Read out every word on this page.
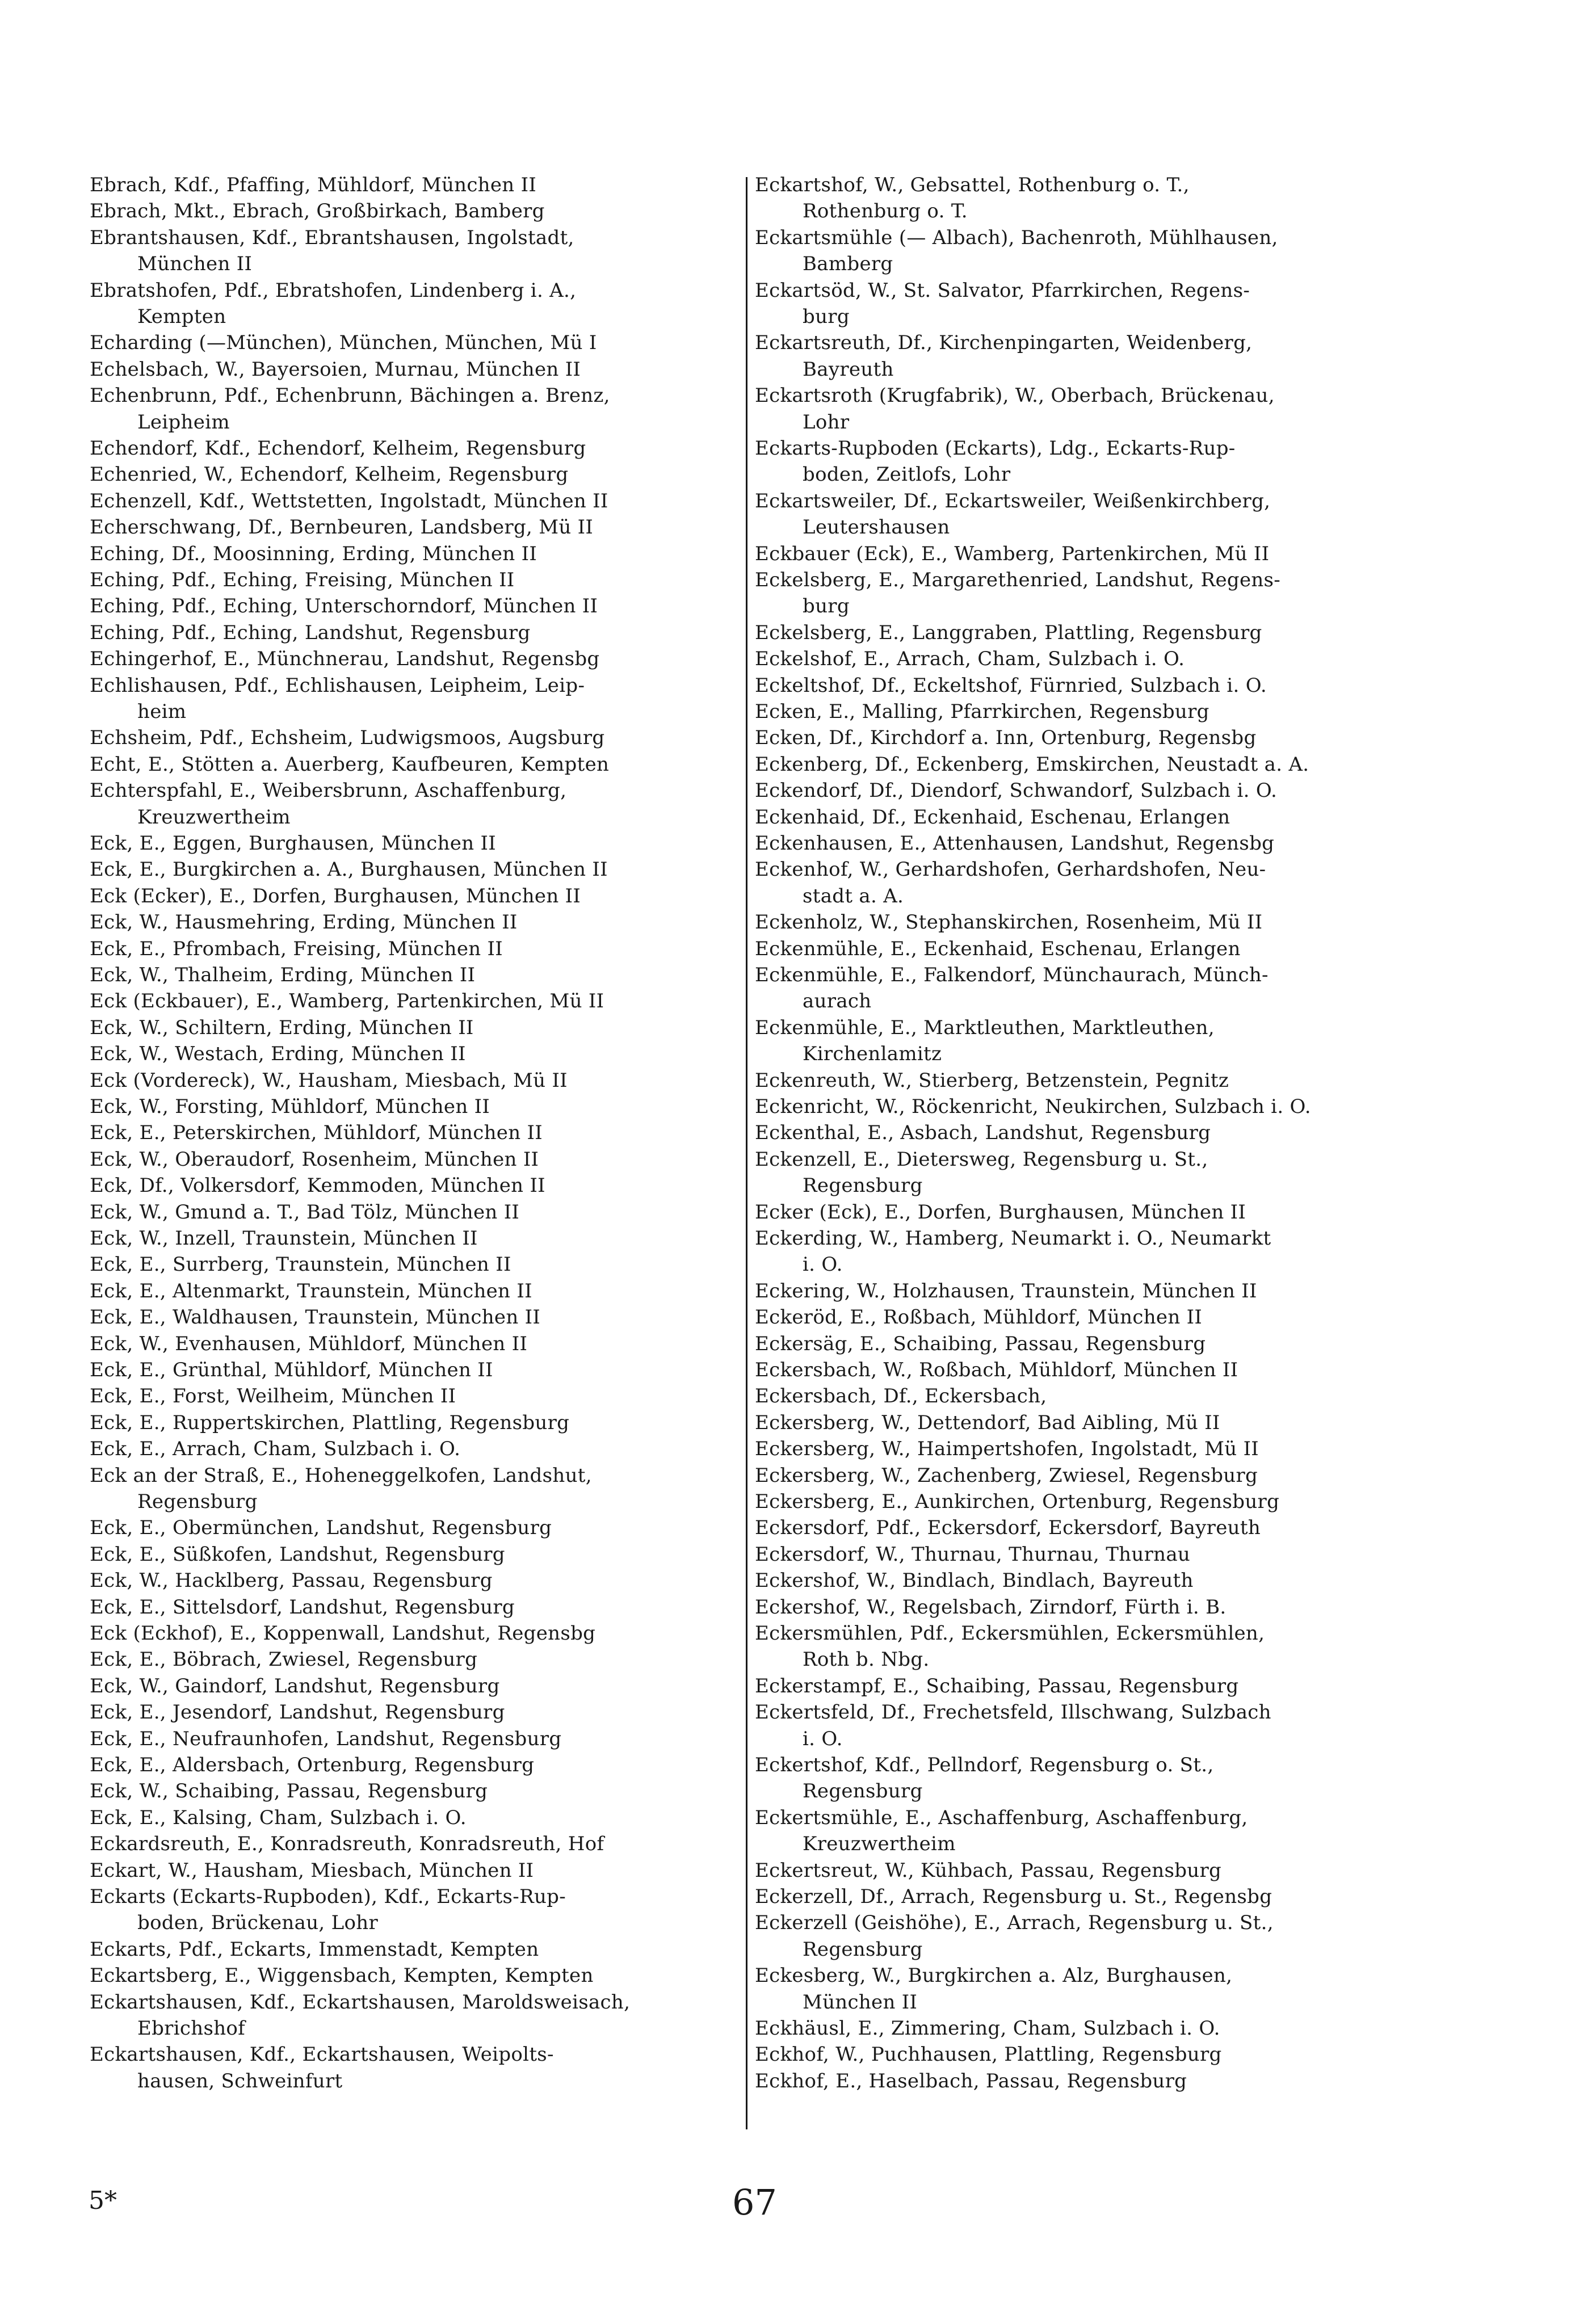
Ebrach, Kdf., Pfaffing, Mühldorf, München II
Ebrach, Mkt., Ebrach, Großbirkach, Bamberg
Ebrantshausen, Kdf., Ebrantshausen, Ingolstadt,
München II
Ebratshofen, Pdf., Ebratshofen, Lindenberg i. A.,
Kempten
Echarding (—München), München, München, Mü I
Echelsbach, W., Bayersoien, Murnau, München II
Echenbrunn, Pdf., Echenbrunn, Bächingen a. Brenz,
Leipheim
Echendorf, Kdf., Echendorf, Kelheim, Regensburg
Echenried, W., Echendorf, Kelheim, Regensburg
Echenzell, Kdf., Wettstetten, Ingolstadt, München II
Echerschwang, Df., Bernbeuren, Landsberg, Mü II
Eching, Df., Moosinning, Erding, München II
Eching, Pdf., Eching, Freising, München II
Eching, Pdf., Eching, Unterschorndorf, München II
Eching, Pdf., Eching, Landshut, Regensburg
Echingerhof, E., Münchnerau, Landshut, Regensbg
Echlishausen, Pdf., Echlishausen, Leipheim, Leip-
heim
Echsheim, Pdf., Echsheim, Ludwigsmoos, Augsburg
Echt, E., Stötten a. Auerberg, Kaufbeuren, Kempten
Echterspfahl, E., Weibersbrunn, Aschaffenburg,
Kreuzwertheim
Eck, E., Eggen, Burghausen, München II
Eck, E., Burgkirchen a. A., Burghausen, München II
Eck (Ecker), E., Dorfen, Burghausen, München II
Eck, W., Hausmehring, Erding, München II
Eck, E., Pfrombach, Freising, München II
Eck, W., Thalheim, Erding, München II
Eck (Eckbauer), E., Wamberg, Partenkirchen, Mü II
Eck, W., Schiltern, Erding, München II
Eck, W., Westach, Erding, München II
Eck (Vordereck), W., Hausham, Miesbach, Mü II
Eck, W., Forsting, Mühldorf, München II
Eck, E., Peterskirchen, Mühldorf, München II
Eck, W., Oberaudorf, Rosenheim, München II
Eck, Df., Volkersdorf, Kemmoden, München II
Eck, W., Gmund a. T., Bad Tölz, München II
Eck, W., Inzell, Traunstein, München II
Eck, E., Surrberg, Traunstein, München II
Eck, E., Altenmarkt, Traunstein, München II
Eck, E., Waldhausen, Traunstein, München II
Eck, W., Evenhausen, Mühldorf, München II
Eck, E., Grünthal, Mühldorf, München II
Eck, E., Forst, Weilheim, München II
Eck, E., Ruppertskirchen, Plattling, Regensburg
Eck, E., Arrach, Cham, Sulzbach i. O.
Eck an der Straß, E., Hoheneggelkofen, Landshut,
Regensburg
Eck, E., Obermünchen, Landshut, Regensburg
Eck, E., Süßkofen, Landshut, Regensburg
Eck, W., Hacklberg, Passau, Regensburg
Eck, E., Sittelsdorf, Landshut, Regensburg
Eck (Eckhof), E., Koppenwall, Landshut, Regensbg
Eck, E., Böbrach, Zwiesel, Regensburg
Eck, W., Gaindorf, Landshut, Regensburg
Eck, E., Jesendorf, Landshut, Regensburg
Eck, E., Neufraunhofen, Landshut, Regensburg
Eck, E., Aldersbach, Ortenburg, Regensburg
Eck, W., Schaibing, Passau, Regensburg
Eck, E., Kalsing, Cham, Sulzbach i. O.
Eckardsreuth, E., Konradsreuth, Konradsreuth, Hof
Eckart, W., Hausham, Miesbach, München II
Eckarts (Eckarts-Rupboden), Kdf., Eckarts-Rup-
boden, Brückenau, Lohr
Eckarts, Pdf., Eckarts, Immenstadt, Kempten
Eckartsberg, E., Wiggensbach, Kempten, Kempten
Eckartshausen, Kdf., Eckartshausen, Maroldsweisach,
Ebrichshof
Eckartshausen, Kdf., Eckartshausen, Weipolts-
hausen, Schweinfurt
Eckartshof, W., Gebsattel, Rothenburg o. T.,
Rothenburg o. T.
Eckartsmühle (— Albach), Bachenroth, Mühlhausen,
Bamberg
Eckartsöd, W., St. Salvator, Pfarrkirchen, Regens-
burg
Eckartsreuth, Df., Kirchenpingarten, Weidenberg,
Bayreuth
Eckartsroth (Krugfabrik), W., Oberbach, Brückenau,
Lohr
Eckarts-Rupboden (Eckarts), Ldg., Eckarts-Rup-
boden, Zeitlofs, Lohr
Eckartsweiler, Df., Eckartsweiler, Weißenkirchberg,
Leutershausen
Eckbauer (Eck), E., Wamberg, Partenkirchen, Mü II
Eckelsberg, E., Margarethenried, Landshut, Regens-
burg
Eckelsberg, E., Langgraben, Plattling, Regensburg
Eckelshof, E., Arrach, Cham, Sulzbach i. O.
Eckeltshof, Df., Eckeltshof, Fürnried, Sulzbach i. O.
Ecken, E., Malling, Pfarrkirchen, Regensburg
Ecken, Df., Kirchdorf a. Inn, Ortenburg, Regensbg
Eckenberg, Df., Eckenberg, Emskirchen, Neustadt a. A.
Eckendorf, Df., Diendorf, Schwandorf, Sulzbach i. O.
Eckenhaid, Df., Eckenhaid, Eschenau, Erlangen
Eckenhausen, E., Attenhausen, Landshut, Regensbg
Eckenhof, W., Gerhardshofen, Gerhardshofen, Neu-
stadt a. A.
Eckenholz, W., Stephanskirchen, Rosenheim, Mü II
Eckenmühle, E., Eckenhaid, Eschenau, Erlangen
Eckenmühle, E., Falkendorf, Münchaurach, Münch-
aurach
Eckenmühle, E., Marktleuthen, Marktleuthen,
Kirchenlamitz
Eckenreuth, W., Stierberg, Betzenstein, Pegnitz
Eckenricht, W., Röckenricht, Neukirchen, Sulzbach i. O.
Eckenthal, E., Asbach, Landshut, Regensburg
Eckenzell, E., Dietersweg, Regensburg u. St.,
Regensburg
Ecker (Eck), E., Dorfen, Burghausen, München II
Eckerding, W., Hamberg, Neumarkt i. O., Neumarkt
i. O.
Eckering, W., Holzhausen, Traunstein, München II
Eckeröd, E., Roßbach, Mühldorf, München II
Eckersäg, E., Schaibing, Passau, Regensburg
Eckersbach, W., Roßbach, Mühldorf, München II
Eckersbach, Df., Eckersbach,
Eckersberg, W., Dettendorf, Bad Aibling, Mü II
Eckersberg, W., Haimpertshofen, Ingolstadt, Mü II
Eckersberg, W., Zachenberg, Zwiesel, Regensburg
Eckersberg, E., Aunkirchen, Ortenburg, Regensburg
Eckersdorf, Pdf., Eckersdorf, Eckersdorf, Bayreuth
Eckersdorf, W., Thurnau, Thurnau, Thurnau
Eckershof, W., Bindlach, Bindlach, Bayreuth
Eckershof, W., Regelsbach, Zirndorf, Fürth i. B.
Eckersmühlen, Pdf., Eckersmühlen, Eckersmühlen,
Roth b. Nbg.
Eckerstampf, E., Schaibing, Passau, Regensburg
Eckertsfeld, Df., Frechetsfeld, Illschwang, Sulzbach
i. O.
Eckertshof, Kdf., Pellndorf, Regensburg o. St.,
Regensburg
Eckertsmühle, E., Aschaffenburg, Aschaffenburg,
Kreuzwertheim
Eckertsreut, W., Kühbach, Passau, Regensburg
Eckerzell, Df., Arrach, Regensburg u. St., Regensbg
Eckerzell (Geishöhe), E., Arrach, Regensburg u. St.,
Regensburg
Eckesberg, W., Burgkirchen a. Alz, Burghausen,
München II
Eckhäusl, E., Zimmering, Cham, Sulzbach i. O.
Eckhof, W., Puchhausen, Plattling, Regensburg
Eckhof, E., Haselbach, Passau, Regensburg
5*	67
